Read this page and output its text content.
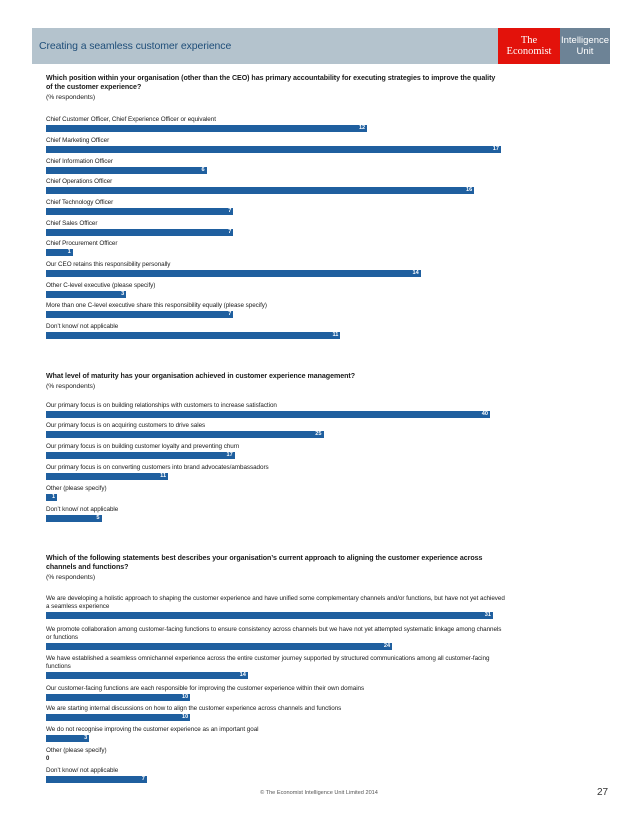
Creating a seamless customer experience	The
Economist
Intelligence
Unit
Which position within your organisation (other than the CEO) has primary accountability for executing strategies to improve the quality of the customer experience?
(% respondents)
Chief Customer Officer, Chief Experience Officer or equivalent
12
Chief Marketing Officer
17
Chief Information Officer
6
Chief Operations Officer
16
Chief Technology Officer
7
Chief Sales Officer
7
Chief Procurement Officer
1
Our CEO retains this responsibility personally
14
Other C-level executive (please specify)
3
More than one C-level executive share this responsibility equally (please specify)
7
Don’t know/ not applicable
11
What level of maturity has your organisation achieved in customer experience management?
(% respondents)
Our primary focus is on building relationships with customers to increase satisfaction
40
Our primary focus is on acquiring customers to drive sales
25
Our primary focus is on building customer loyalty and preventing churn
17
Our primary focus is on converting customers into brand advocates/ambassadors
11
Other (please specify)
1
Don’t know/ not applicable
5
Which of the following statements best describes your organisation’s current approach to aligning the customer experience across channels and functions?
(% respondents)
We are developing a holistic approach to shaping the customer experience and have unified some complementary channels and/or functions, but have not yet achieved a seamless experience
31
We promote collaboration among customer-facing functions to ensure consistency across channels but we have not yet attempted systematic linkage among channels or functions
24
We have established a seamless omnichannel experience across the entire customer journey supported by structured communications among all customer-facing functions
14
Our customer-facing functions are each responsible for improving the customer experience within their own domains
10
We are starting internal discussions on how to align the customer experience across channels and functions
10
We do not recognise improving the customer experience as an important goal
3
Other (please specify)
0
Don’t know/ not applicable
7
© The Economist Intelligence Unit Limited 2014	27
